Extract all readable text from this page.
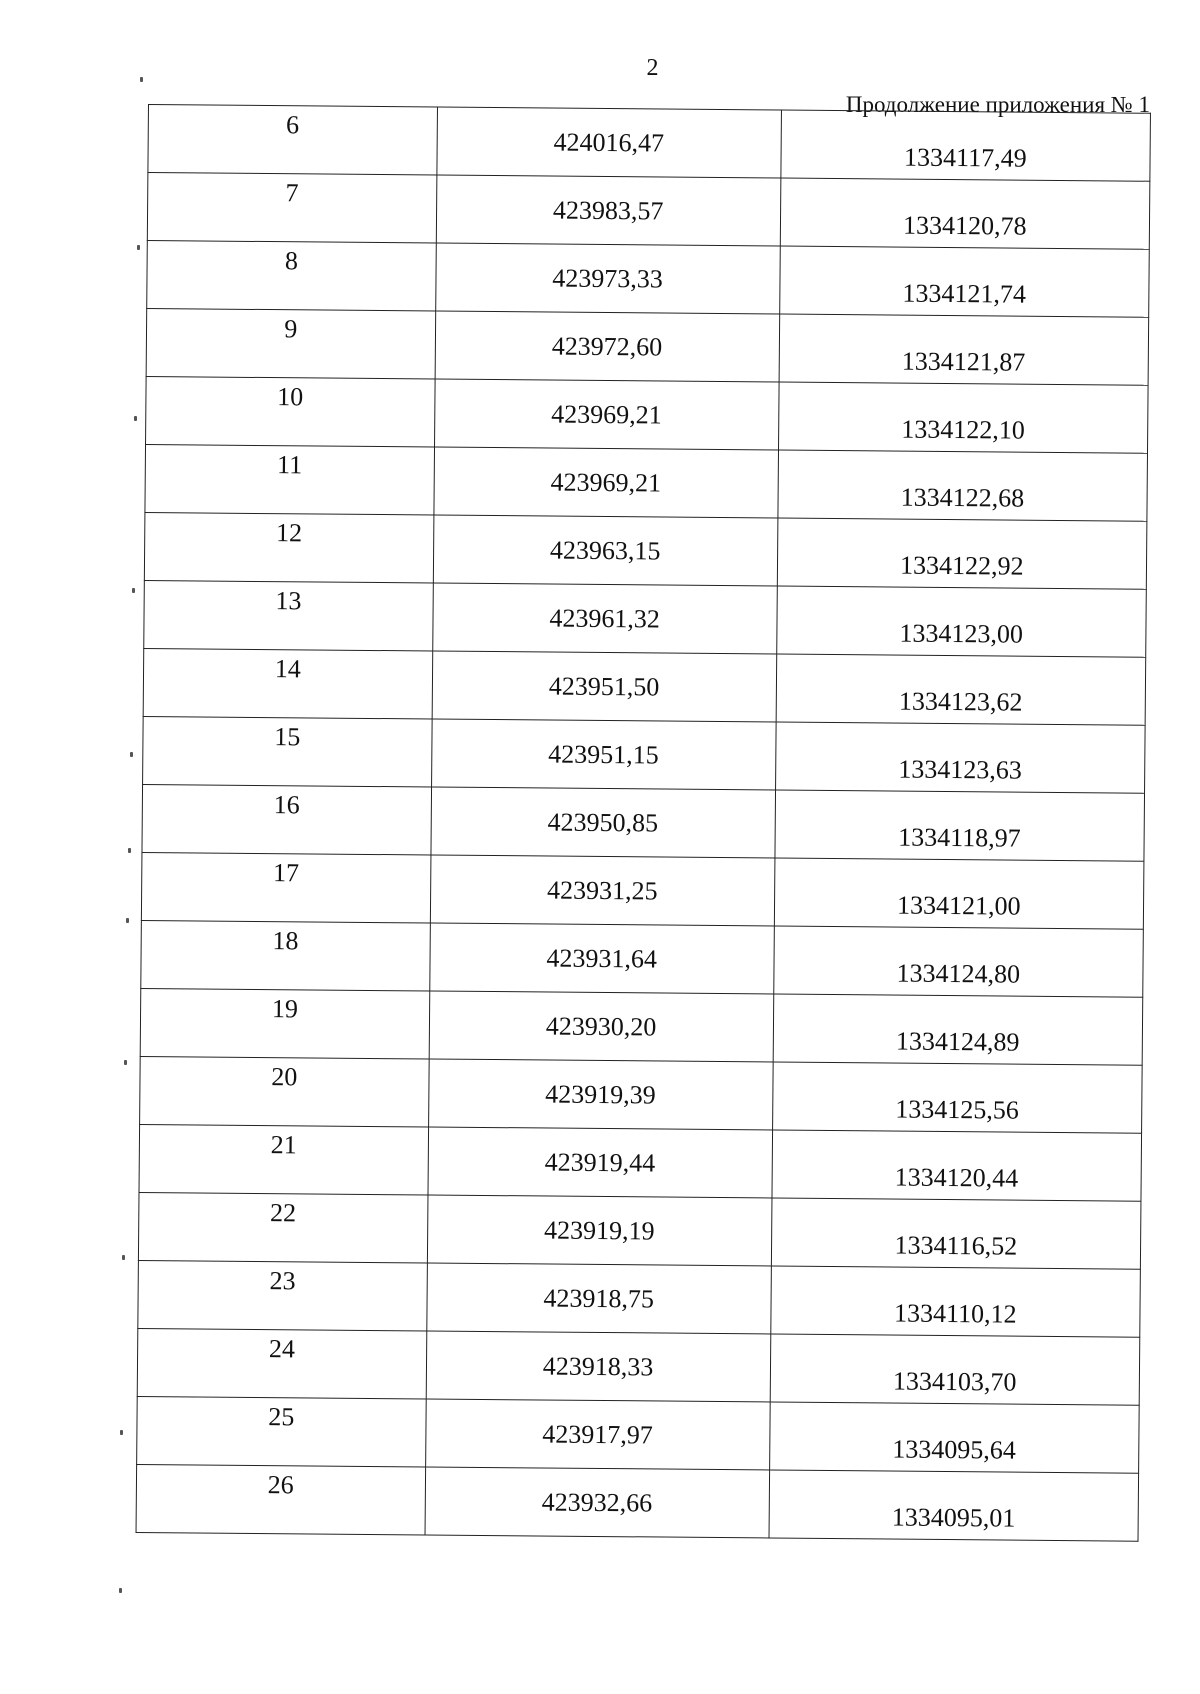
2
Продолжение приложения № 1
6	424016,47	1334117,49
7	423983,57	1334120,78
8	423973,33	1334121,74
9	423972,60	1334121,87
10	423969,21	1334122,10
11	423969,21	1334122,68
12	423963,15	1334122,92
13	423961,32	1334123,00
14	423951,50	1334123,62
15	423951,15	1334123,63
16	423950,85	1334118,97
17	423931,25	1334121,00
18	423931,64	1334124,80
19	423930,20	1334124,89
20	423919,39	1334125,56
21	423919,44	1334120,44
22	423919,19	1334116,52
23	423918,75	1334110,12
24	423918,33	1334103,70
25	423917,97	1334095,64
26	423932,66	1334095,01
